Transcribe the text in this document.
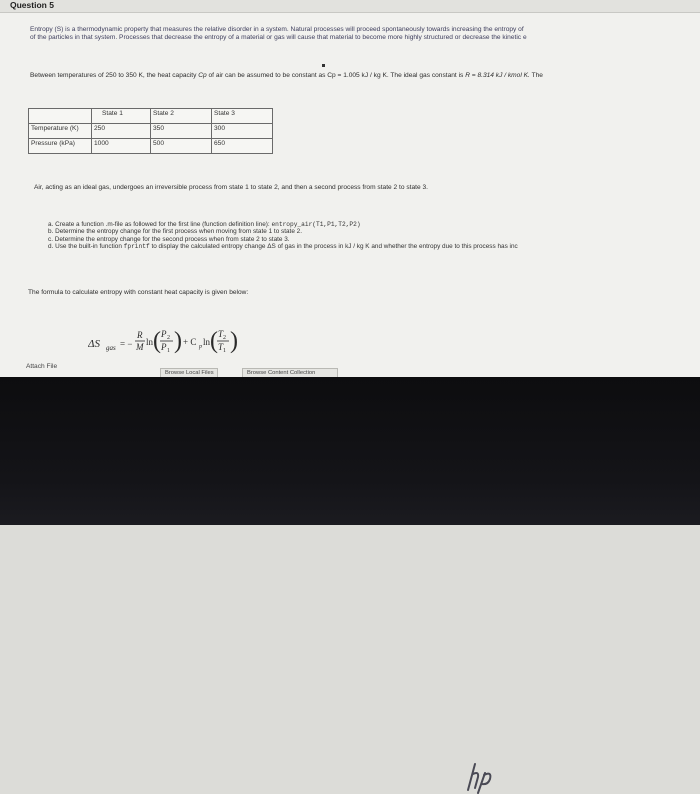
Question 5
Entropy (S) is a thermodynamic property that measures the relative disorder in a system. Natural processes will proceed spontaneously towards increasing the entropy of
of the particles in that system. Processes that decrease the entropy of a material or gas will cause that material to become more highly structured or decrease the kinetic e
Between temperatures of 250 to 350 K, the heat capacity Cp of air can be assumed to be constant as Cp = 1.005 kJ / kg K. The ideal gas constant is R = 8.314 kJ / kmol K. The

	State 1	State 2	State 3
Temperature (K)	250	350	300
Pressure (kPa)	1000	500	650
Air, acting as an ideal gas, undergoes an irreversible process from state 1 to state 2, and then a second process from state 2 to state 3.
a. Create a function .m-file as followed for the first line (function definition line): entropy_air(T1,P1,T2,P2)
b. Determine the entropy change for the first process when moving from state 1 to state 2.
c. Determine the entropy change for the second process when from state 2 to state 3.
d. Use the built-in function fprintf to display the calculated entropy change ΔS of gas in the process in kJ / kg K and whether the entropy due to this process has inc
The formula to calculate entropy with constant heat capacity is given below:
ΔS gas = −
R
M ln ( P 2
P 1 ) + C p ln ( T 2
T 1 )
Attach File
Browse Local Files	Browse Content Collection
